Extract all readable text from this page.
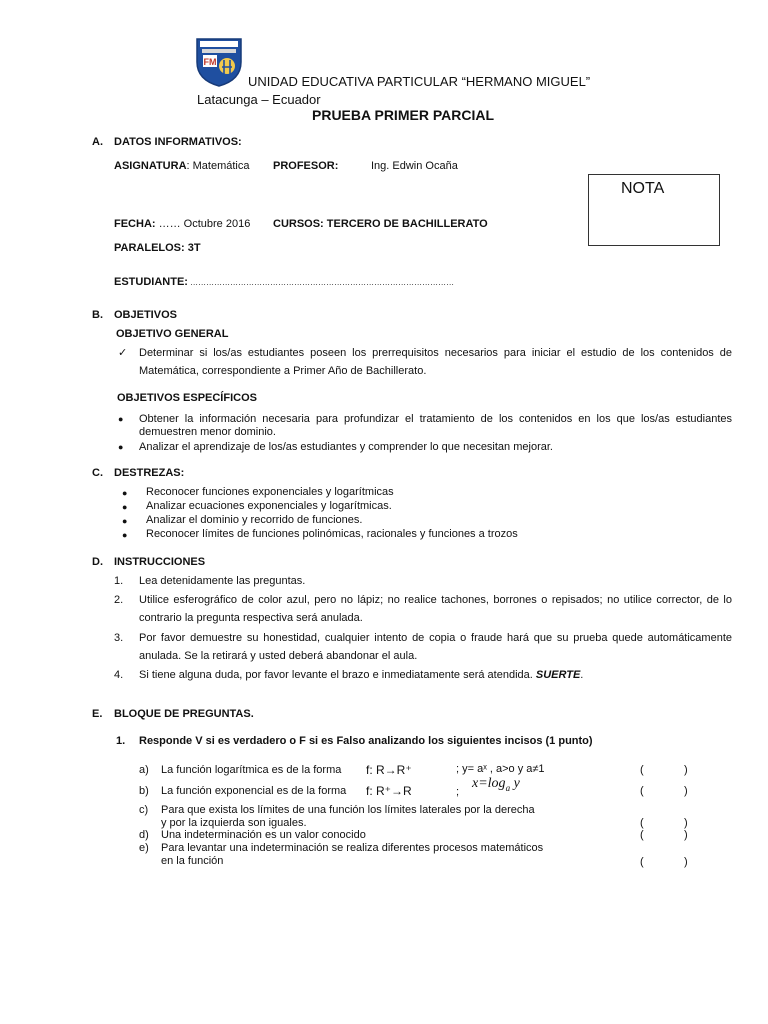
FM
UNIDAD EDUCATIVA PARTICULAR “HERMANO MIGUEL”
Latacunga – Ecuador
PRUEBA PRIMER PARCIAL
NOTA
A. DATOS INFORMATIVOS:
ASIGNATURA: Matemática PROFESOR:	Ing. Edwin Ocaña
FECHA: …… Octubre 2016 CURSOS: TERCERO DE BACHILLERATO
PARALELOS: 3T
ESTUDIANTE: ………………………………………………………………………………………
B. OBJETIVOS
OBJETIVO GENERAL
✓ Determinar si los/as estudiantes poseen los prerrequisitos necesarios para iniciar el estudio de los contenidos de Matemática, correspondiente a Primer Año de Bachillerato.
OBJETIVOS ESPECÍFICOS
● Obtener la información necesaria para profundizar el tratamiento de los contenidos en los que los/as estudiantes demuestren menor dominio.
● Analizar el aprendizaje de los/as estudiantes y comprender lo que necesitan mejorar.
C. DESTREZAS:
● Reconocer funciones exponenciales y logarítmicas
● Analizar ecuaciones exponenciales y logarítmicas.
● Analizar el dominio y recorrido de funciones.
● Reconocer límites de funciones polinómicas, racionales y funciones a trozos
D. INSTRUCCIONES
1. Lea detenidamente las preguntas.
2. Utilice esferográfico de color azul, pero no lápiz; no realice tachones, borrones o repisados; no utilice corrector, de lo contrario la pregunta respectiva será anulada.
3. Por favor demuestre su honestidad, cualquier intento de copia o fraude hará que su prueba quede automáticamente anulada. Se la retirará y usted deberá abandonar el aula.
4. Si tiene alguna duda, por favor levante el brazo e inmediatamente será atendida. SUERTE.
E. BLOQUE DE PREGUNTAS.
1. Responde V si es verdadero o F si es Falso analizando los siguientes incisos (1 punto)
a) La función logarítmica es de la forma f: R→R⁺	; y= aˣ , a>o y a≠1	(	)
$x=\log_a$ y
b) La función exponencial es de la forma f: R⁺→R	;	(	)
c) Para que exista los límites de una función los límites laterales por la derecha
y por la izquierda son iguales.	(	)
d) Una indeterminación es un valor conocido	(	)
e) Para levantar una indeterminación se realiza diferentes procesos matemáticos
en la función	(	)
